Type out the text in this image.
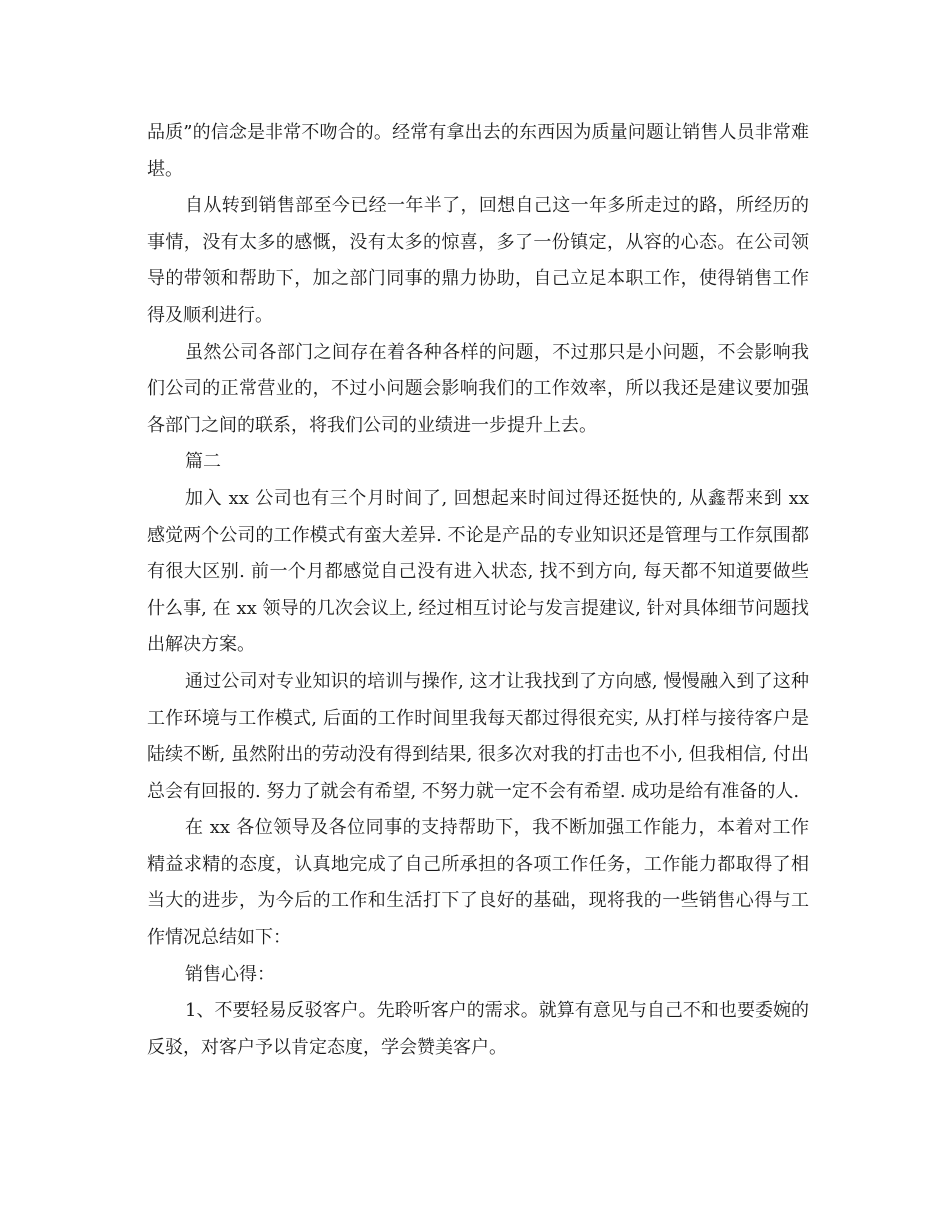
品质”的信念是非常不吻合的。经常有拿出去的东西因为质量问题让销售人员非常难堪。

自从转到销售部至今已经一年半了，回想自己这一年多所走过的路，所经历的事情，没有太多的感慨，没有太多的惊喜，多了一份镇定，从容的心态。在公司领导的带领和帮助下，加之部门同事的鼎力协助，自己立足本职工作，使得销售工作得及顺利进行。

虽然公司各部门之间存在着各种各样的问题，不过那只是小问题，不会影响我们公司的正常营业的，不过小问题会影响我们的工作效率，所以我还是建议要加强各部门之间的联系，将我们公司的业绩进一步提升上去。

篇二

加入 xx 公司也有三个月时间了, 回想起来时间过得还挺快的, 从鑫帮来到 xx 感觉两个公司的工作模式有蛮大差异. 不论是产品的专业知识还是管理与工作氛围都有很大区别. 前一个月都感觉自己没有进入状态, 找不到方向, 每天都不知道要做些什么事, 在 xx 领导的几次会议上, 经过相互讨论与发言提建议, 针对具体细节问题找出解决方案。

通过公司对专业知识的培训与操作, 这才让我找到了方向感, 慢慢融入到了这种工作环境与工作模式, 后面的工作时间里我每天都过得很充实, 从打样与接待客户是陆续不断, 虽然附出的劳动没有得到结果, 很多次对我的打击也不小, 但我相信, 付出总会有回报的. 努力了就会有希望, 不努力就一定不会有希望. 成功是给有准备的人.

在 xx 各位领导及各位同事的支持帮助下，我不断加强工作能力，本着对工作精益求精的态度，认真地完成了自己所承担的各项工作任务，工作能力都取得了相当大的进步，为今后的工作和生活打下了良好的基础，现将我的一些销售心得与工作情况总结如下：

销售心得：

1、不要轻易反驳客户。先聆听客户的需求。就算有意见与自己不和也要委婉的反驳，对客户予以肯定态度，学会赞美客户。
